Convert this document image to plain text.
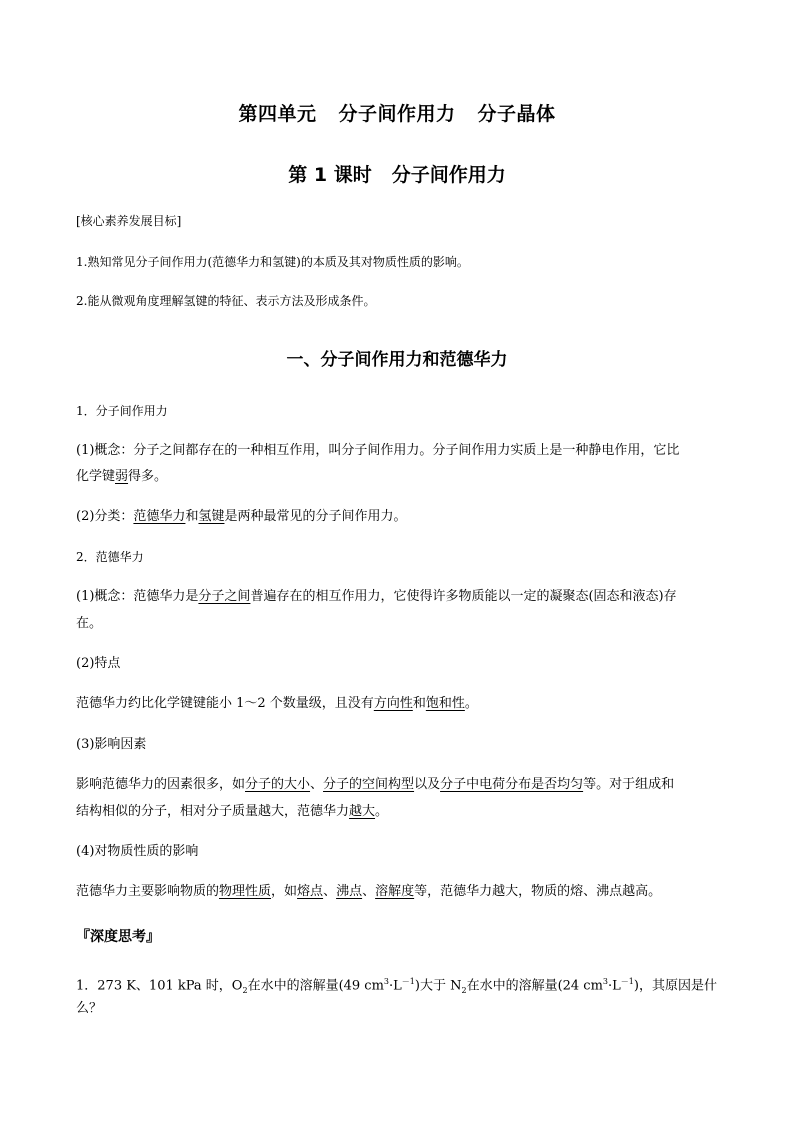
第四单元 分子间作用力 分子晶体
第 1 课时 分子间作用力
[核心素养发展目标]
1.熟知常见分子间作用力(范德华力和氢键)的本质及其对物质性质的影响。
2.能从微观角度理解氢键的特征、表示方法及形成条件。
一、分子间作用力和范德华力
1．分子间作用力
(1)概念：分子之间都存在的一种相互作用，叫分子间作用力。分子间作用力实质上是一种静电作用，它比
化学键弱得多。
(2)分类：范德华力和氢键是两种最常见的分子间作用力。
2．范德华力
(1)概念：范德华力是分子之间普遍存在的相互作用力，它使得许多物质能以一定的凝聚态(固态和液态)存
在。
(2)特点
范德华力约比化学键键能小 1～2 个数量级，且没有方向性和饱和性。
(3)影响因素
影响范德华力的因素很多，如分子的大小、分子的空间构型以及分子中电荷分布是否均匀等。对于组成和
结构相似的分子，相对分子质量越大，范德华力越大。
(4)对物质性质的影响
范德华力主要影响物质的物理性质，如熔点、沸点、溶解度等，范德华力越大，物质的熔、沸点越高。
『深度思考』
1．273 K、101 kPa 时，$O_2$在水中的溶解量(49 $cm^3\cdot L^{-1}$)大于 $N_2$在水中的溶解量(24 $cm^3\cdot L^{-1}$)，其原因是什
么？
